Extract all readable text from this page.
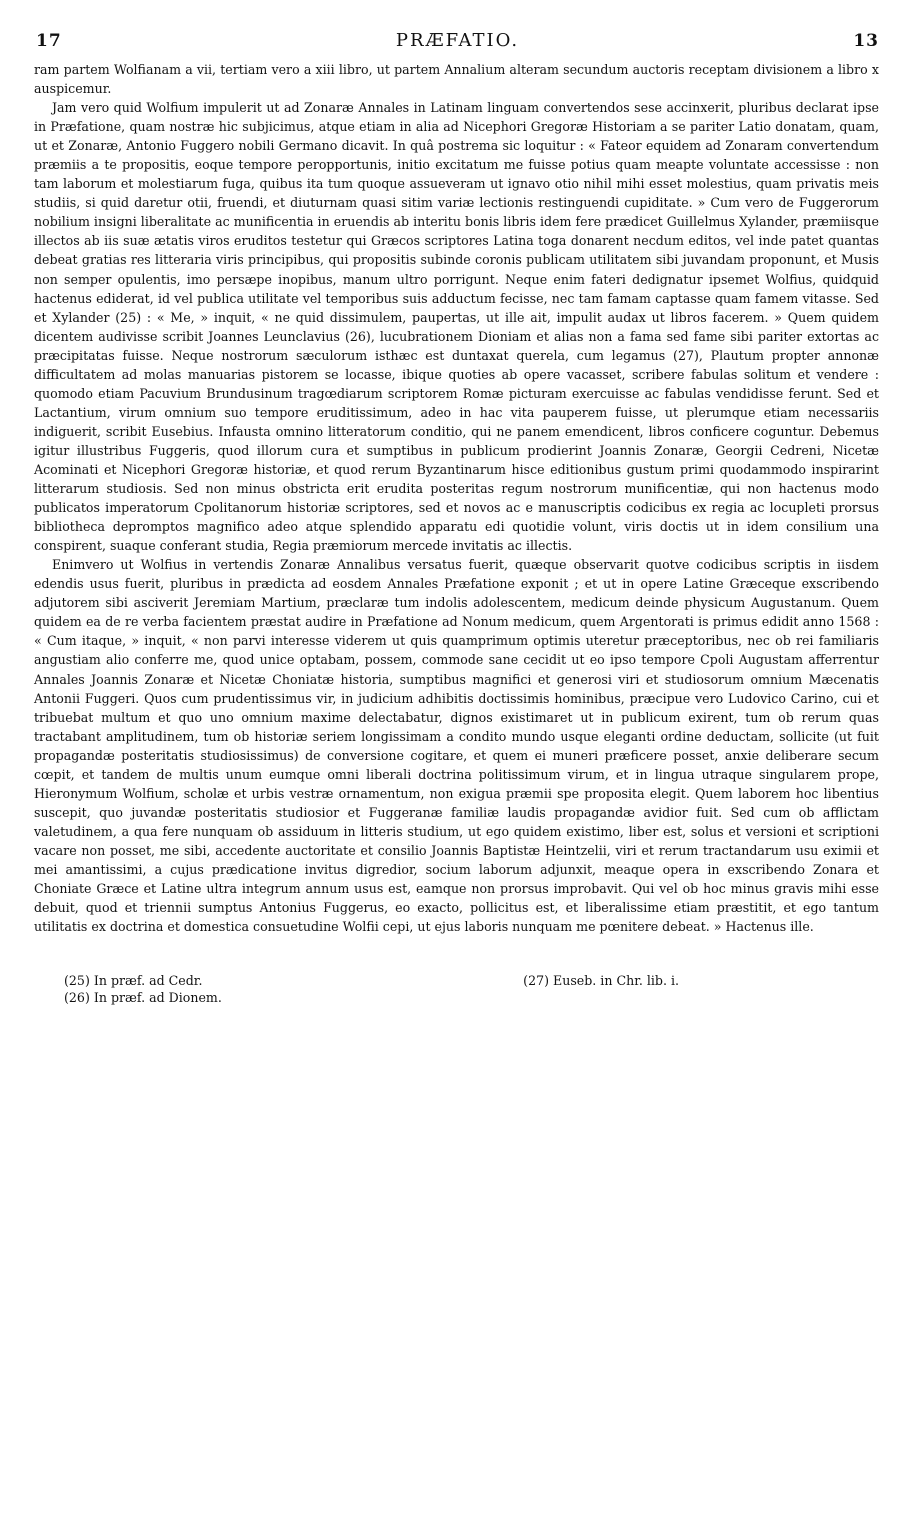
17	PRÆFATIO.	13

ram partem Wolfianam a vii, tertiam vero a xiii libro, ut partem Annalium alteram secundum auctoris receptam divisionem a libro x auspicemur.

Jam vero quid Wolfium impulerit ut ad Zonaræ Annales in Latinam linguam convertendos sese accinxerit, pluribus declarat ipse in Præfatione, quam nostræ hic subjicimus, atque etiam in alia ad Nicephori Gregoræ Historiam a se pariter Latio donatam, quam, ut et Zonaræ, Antonio Fuggero nobili Germano dicavit. In quâ postrema sic loquitur : « Fateor equidem ad Zonaram convertendum præmiis a te propositis, eoque tempore peropportunis, initio excitatum me fuisse potius quam meapte voluntate accessisse : non tam laborum et molestiarum fuga, quibus ita tum quoque assueveram ut ignavo otio nihil mihi esset molestius, quam privatis meis studiis, si quid daretur otii, fruendi, et diuturnam quasi sitim variæ lectionis restinguendi cupiditate. » Cum vero de Fuggerorum nobilium insigni liberalitate ac munificentia in eruendis ab interitu bonis libris idem fere prædicet Guillelmus Xylander, præmiisque illectos ab iis suæ ætatis viros eruditos testetur qui Græcos scriptores Latina toga donarent necdum editos, vel inde patet quantas debeat gratias res litteraria viris principibus, qui propositis subinde coronis publicam utilitatem sibi juvandam proponunt, et Musis non semper opulentis, imo persæpe inopibus, manum ultro porrigunt. Neque enim fateri dedignatur ipsemet Wolfius, quidquid hactenus ediderat, id vel publica utilitate vel temporibus suis adductum fecisse, nec tam famam captasse quam famem vitasse. Sed et Xylander (25) : « Me, » inquit, « ne quid dissimulem, paupertas, ut ille ait, impulit audax ut libros facerem. » Quem quidem dicentem audivisse scribit Joannes Leunclavius (26), lucubrationem Dioniam et alias non a fama sed fame sibi pariter extortas ac præcipitatas fuisse. Neque nostrorum sæculorum isthæc est duntaxat querela, cum legamus (27), Plautum propter annonæ difficultatem ad molas manuarias pistorem se locasse, ibique quoties ab opere vacasset, scribere fabulas solitum et vendere : quomodo etiam Pacuvium Brundusinum tragœdiarum scriptorem Romæ picturam exercuisse ac fabulas vendidisse ferunt. Sed et Lactantium, virum omnium suo tempore eruditissimum, adeo in hac vita pauperem fuisse, ut plerumque etiam necessariis indiguerit, scribit Eusebius. Infausta omnino litteratorum conditio, qui ne panem emendicent, libros conficere coguntur. Debemus igitur illustribus Fuggeris, quod illorum cura et sumptibus in publicum prodierint Joannis Zonaræ, Georgii Cedreni, Nicetæ Acominati et Nicephori Gregoræ historiæ, et quod rerum Byzantinarum hisce editionibus gustum primi quodammodo inspirarint litterarum studiosis. Sed non minus obstricta erit erudita posteritas regum nostrorum munificentiæ, qui non hactenus modo publicatos imperatorum Cpolitanorum historiæ scriptores, sed et novos ac e manuscriptis codicibus ex regia ac locupleti prorsus bibliotheca depromptos magnifico adeo atque splendido apparatu edi quotidie volunt, viris doctis ut in idem consilium una conspirent, suaque conferant studia, Regia præmiorum mercede invitatis ac illectis.

Enimvero ut Wolfius in vertendis Zonaræ Annalibus versatus fuerit, quæque observarit quotve codicibus scriptis in iisdem edendis usus fuerit, pluribus in prædicta ad eosdem Annales Præfatione exponit ; et ut in opere Latine Græceque exscribendo adjutorem sibi asciverit Jeremiam Martium, præclaræ tum indolis adolescentem, medicum deinde physicum Augustanum. Quem quidem ea de re verba facientem præstat audire in Præfatione ad Nonum medicum, quem Argentorati is primus edidit anno 1568 : « Cum itaque, » inquit, « non parvi interesse viderem ut quis quamprimum optimis uteretur præceptoribus, nec ob rei familiaris angustiam alio conferre me, quod unice optabam, possem, commode sane cecidit ut eo ipso tempore Cpoli Augustam afferrentur Annales Joannis Zonaræ et Nicetæ Choniatæ historia, sumptibus magnifici et generosi viri et studiosorum omnium Mæcenatis Antonii Fuggeri. Quos cum prudentissimus vir, in judicium adhibitis doctissimis hominibus, præcipue vero Ludovico Carino, cui et tribuebat multum et quo uno omnium maxime delectabatur, dignos existimaret ut in publicum exirent, tum ob rerum quas tractabant amplitudinem, tum ob historiæ seriem longissimam a condito mundo usque eleganti ordine deductam, sollicite (ut fuit propagandæ posteritatis studiosissimus) de conversione cogitare, et quem ei muneri præficere posset, anxie deliberare secum cœpit, et tandem de multis unum eumque omni liberali doctrina politissimum virum, et in lingua utraque singularem prope, Hieronymum Wolfium, scholæ et urbis vestræ ornamentum, non exigua præmii spe proposita elegit. Quem laborem hoc libentius suscepit, quo juvandæ posteritatis studiosior et Fuggeranæ familiæ laudis propagandæ avidior fuit. Sed cum ob afflictam valetudinem, a qua fere nunquam ob assiduum in litteris studium, ut ego quidem existimo, liber est, solus et versioni et scriptioni vacare non posset, me sibi, accedente auctoritate et consilio Joannis Baptistæ Heintzelii, viri et rerum tractandarum usu eximii et mei amantissimi, a cujus prædicatione invitus digredior, socium laborum adjunxit, meaque opera in exscribendo Zonara et Choniate Græce et Latine ultra integrum annum usus est, eamque non prorsus improbavit. Qui vel ob hoc minus gravis mihi esse debuit, quod et triennii sumptus Antonius Fuggerus, eo exacto, pollicitus est, et liberalissime etiam præstitit, et ego tantum utilitatis ex doctrina et domestica consuetudine Wolfii cepi, ut ejus laboris nunquam me pœnitere debeat. » Hactenus ille.

(25) In præf. ad Cedr.
(26) In præf. ad Dionem.
(27) Euseb. in Chr. lib. i.
